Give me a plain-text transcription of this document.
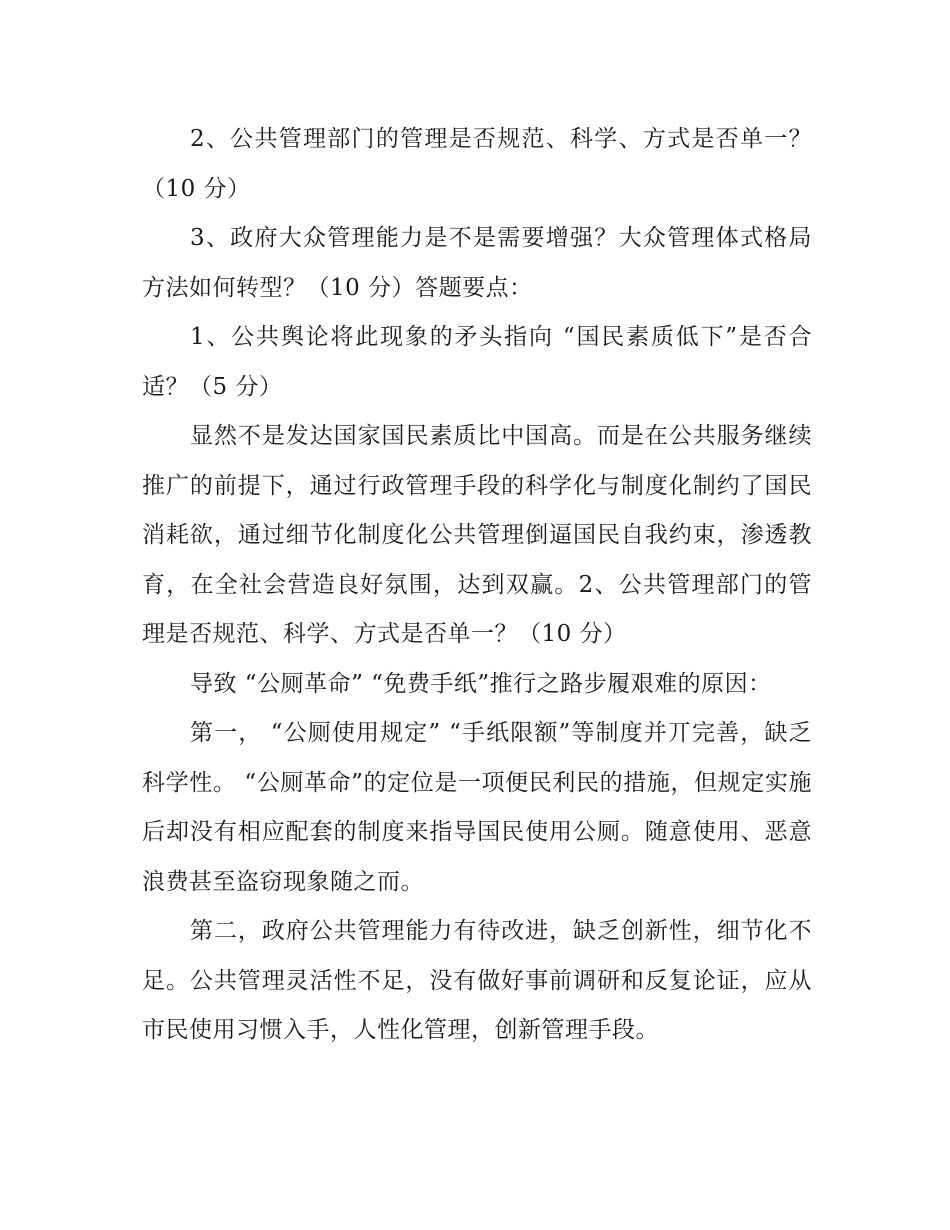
2、公共管理部门的管理是否规范、科学、方式是否单一？（10 分）

3、政府大众管理能力是不是需要增强？大众管理体式格局方法如何转型？（10 分）答题要点：

1、公共舆论将此现象的矛头指向 “国民素质低下”是否合适？（5 分）

显然不是发达国家国民素质比中国高。而是在公共服务继续推广的前提下，通过行政管理手段的科学化与制度化制约了国民消耗欲，通过细节化制度化公共管理倒逼国民自我约束，渗透教育，在全社会营造良好氛围，达到双赢。2、公共管理部门的管理是否规范、科学、方式是否单一？（10 分）

导致 “公厕革命” “免费手纸”推行之路步履艰难的原因：

第一， “公厕使用规定” “手纸限额”等制度并丌完善，缺乏科学性。 “公厕革命”的定位是一项便民利民的措施，但规定实施后却没有相应配套的制度来指导国民使用公厕。随意使用、恶意浪费甚至盗窃现象随之而。

第二，政府公共管理能力有待改进，缺乏创新性，细节化不足。公共管理灵活性不足，没有做好事前调研和反复论证，应从市民使用习惯入手，人性化管理，创新管理手段。
